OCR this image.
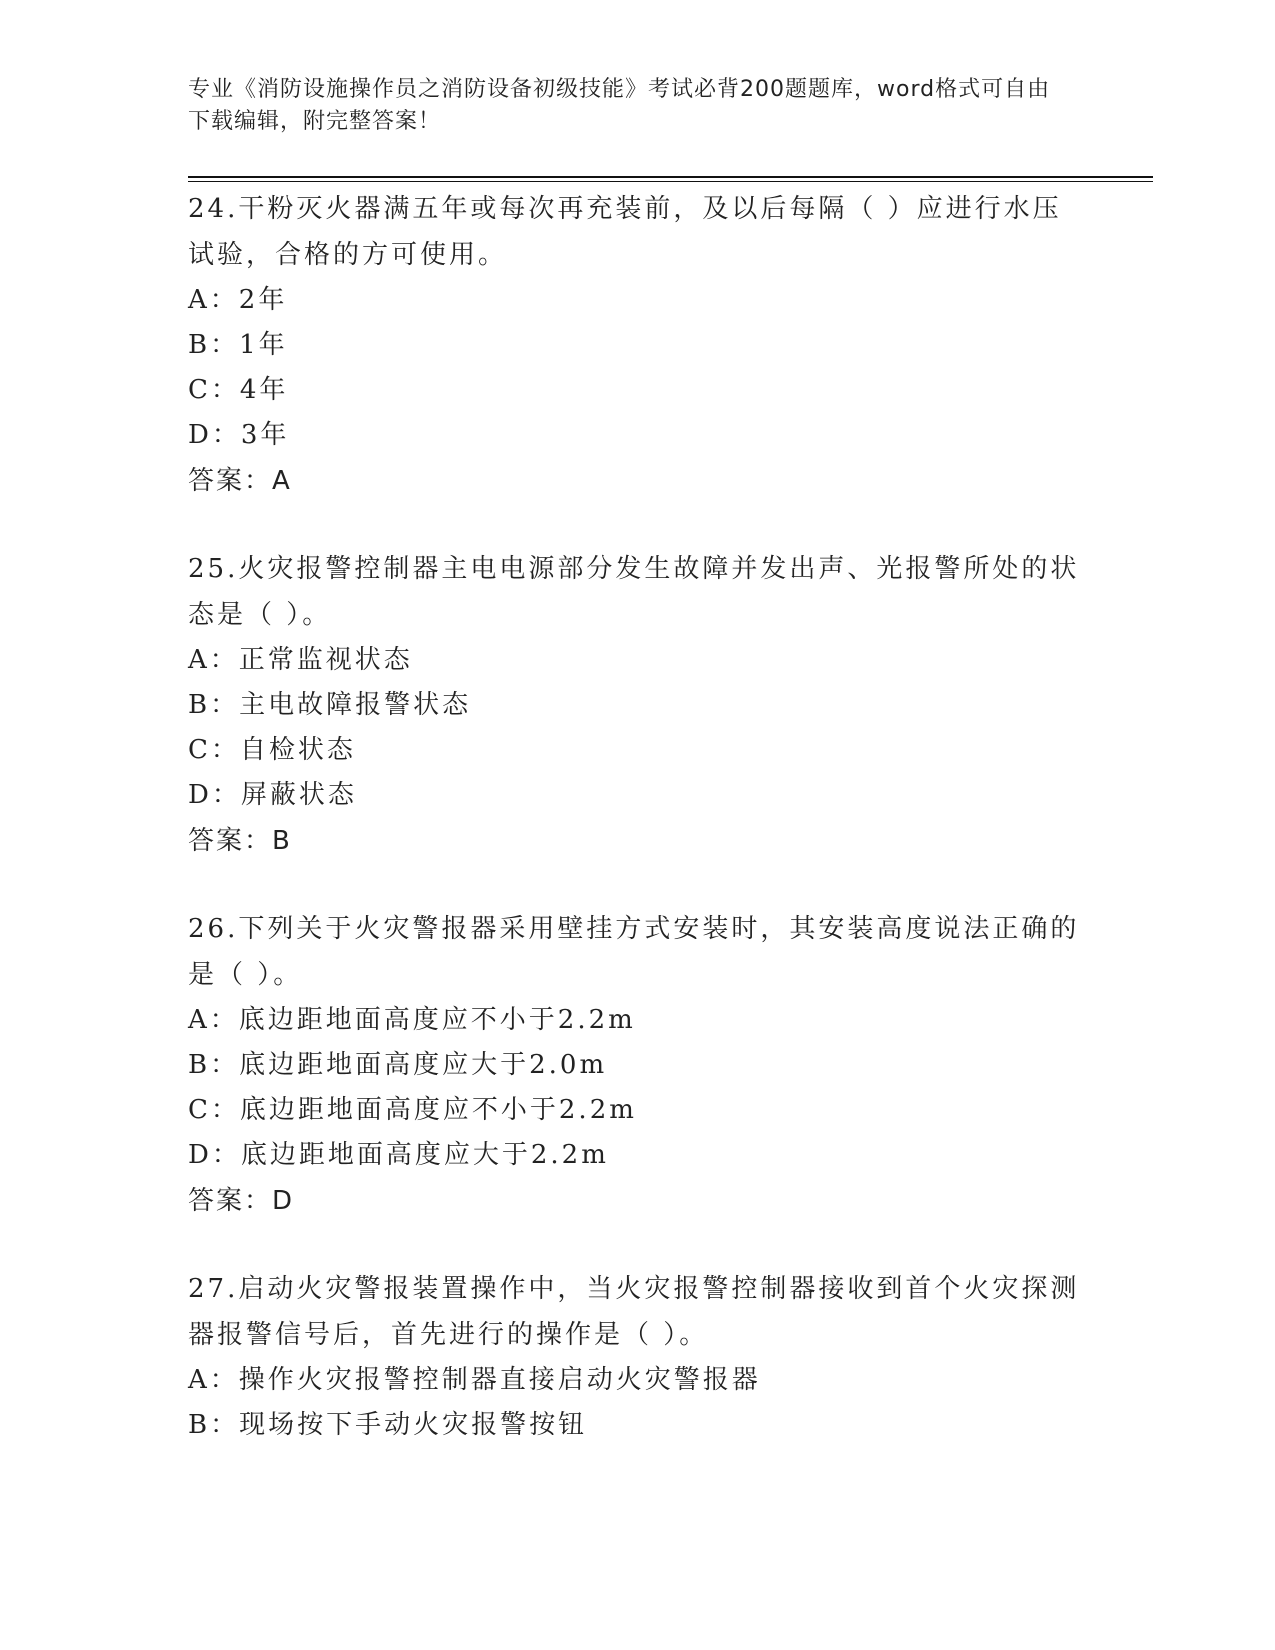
专业《消防设施操作员之消防设备初级技能》考试必背200题题库，word格式可自由下载编辑，附完整答案！
24.干粉灭火器满五年或每次再充装前，及以后每隔（ ）应进行水压试验，合格的方可使用。
A：2年
B：1年
C：4年
D：3年
答案：A
25.火灾报警控制器主电电源部分发生故障并发出声、光报警所处的状态是（ ）。
A：正常监视状态
B：主电故障报警状态
C：自检状态
D：屏蔽状态
答案：B
26.下列关于火灾警报器采用壁挂方式安装时，其安装高度说法正确的是（ ）。
A：底边距地面高度应不小于2.2m
B：底边距地面高度应大于2.0m
C：底边距地面高度应不小于2.2m
D：底边距地面高度应大于2.2m
答案：D
27.启动火灾警报装置操作中，当火灾报警控制器接收到首个火灾探测器报警信号后，首先进行的操作是（ ）。
A：操作火灾报警控制器直接启动火灾警报器
B：现场按下手动火灾报警按钮
